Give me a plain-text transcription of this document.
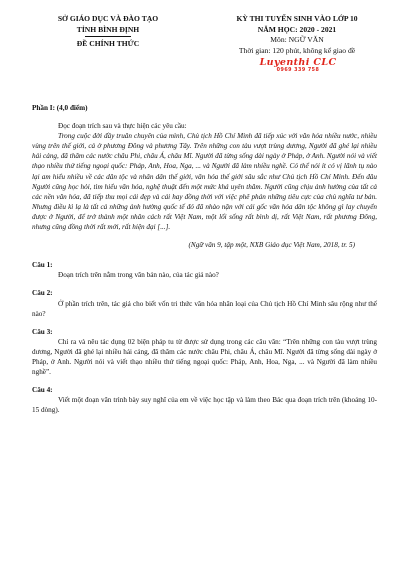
SỞ GIÁO DỤC VÀ ĐÀO TẠO
TỈNH BÌNH ĐỊNH
ĐỀ CHÍNH THỨC
KỲ THI TUYỂN SINH VÀO LỚP 10
NĂM HỌC: 2020 - 2021
Môn: NGỮ VĂN
Thời gian: 120 phút, không kể giao đề
Luyenthi CLC
0969 339 758
Phần I: (4,0 điểm)

Đọc đoạn trích sau và thực hiện các yêu cầu:

Trong cuộc đời đầy truân chuyên của mình, Chủ tịch Hồ Chí Minh đã tiếp xúc với văn hóa nhiều nước, nhiều vùng trên thế giới, cả ở phương Đông và phương Tây. Trên những con tàu vượt trùng dương, Người đã ghé lại nhiều hải cảng, đã thăm các nước châu Phi, châu Á, châu Mĩ. Người đã từng sống dài ngày ở Pháp, ở Anh. Người nói và viết thạo nhiều thứ tiếng ngoại quốc: Pháp, Anh, Hoa, Nga, ... và Người đã làm nhiều nghề. Có thể nói ít có vị lãnh tụ nào lại am hiểu nhiều về các dân tộc và nhân dân thế giới, văn hóa thế giới sâu sắc như Chủ tịch Hồ Chí Minh. Đến đâu Người cũng học hỏi, tìm hiểu văn hóa, nghệ thuật đến một mức khá uyên thâm. Người cũng chịu ảnh hưởng của tất cả các nền văn hóa, đã tiếp thu mọi cái đẹp và cái hay đồng thời với việc phê phán những tiêu cực của chủ nghĩa tư bản. Nhưng điều kì lạ là tất cả những ảnh hưởng quốc tế đó đã nhào nặn với cái gốc văn hóa dân tộc không gì lay chuyển được ở Người, để trở thành một nhân cách rất Việt Nam, một lối sống rất bình dị, rất Việt Nam, rất phương Đông, nhưng cũng đồng thời rất mới, rất hiện đại [...].

(Ngữ văn 9, tập một, NXB Giáo dục Việt Nam, 2018, tr. 5)

Câu 1:

Đoạn trích trên nằm trong văn bản nào, của tác giả nào?

Câu 2:

Ở phần trích trên, tác giả cho biết vốn tri thức văn hóa nhân loại của Chủ tịch Hồ Chí Minh sâu rộng như thế nào?

Câu 3:

Chỉ ra và nêu tác dụng 02 biện pháp tu từ được sử dụng trong các câu văn: “Trên những con tàu vượt trùng dương, Người đã ghé lại nhiều hải cảng, đã thăm các nước châu Phi, châu Á, châu Mĩ. Người đã từng sống dài ngày ở Pháp, ở Anh. Người nói và viết thạo nhiều thứ tiếng ngoại quốc: Pháp, Anh, Hoa, Nga, ... và Người đã làm nhiều nghề”.

Câu 4:

Viết một đoạn văn trình bày suy nghĩ của em về việc học tập và làm theo Bác qua đoạn trích trên (khoảng 10-15 dòng).
